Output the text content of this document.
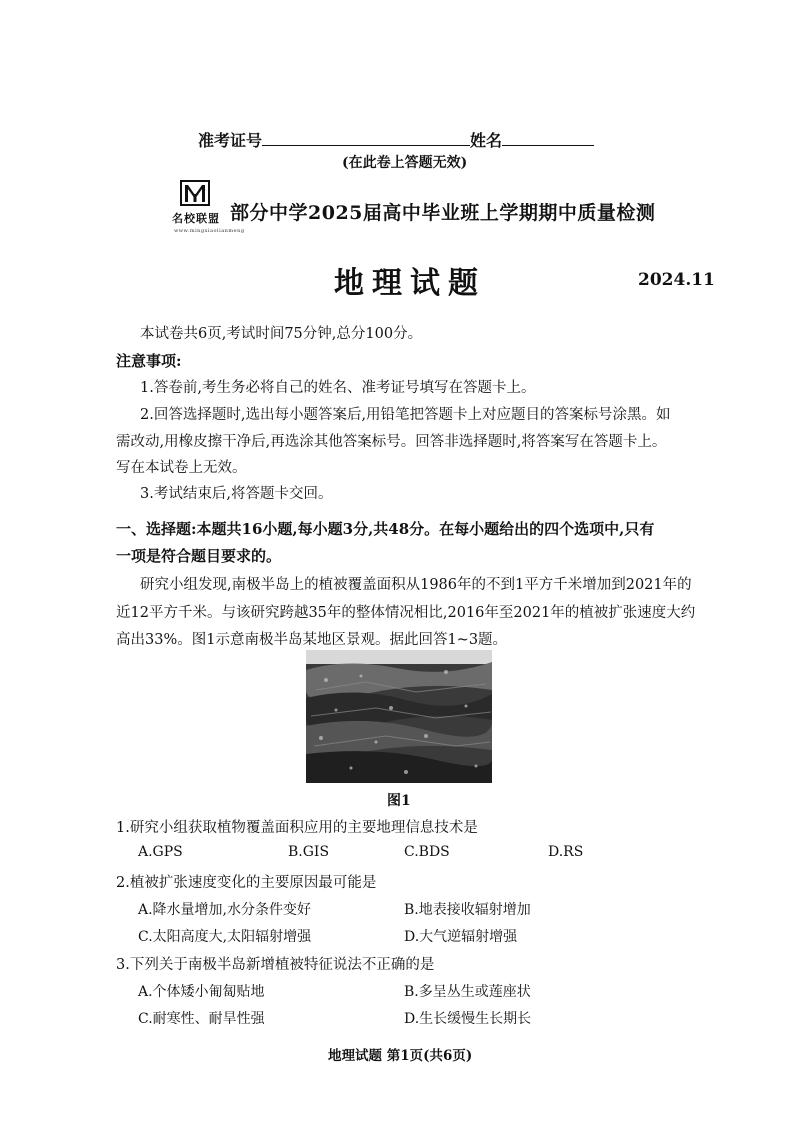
准考证号	姓名
(在此卷上答题无效)
名校联盟
www.mingxiaolianmeng
部分中学2025届高中毕业班上学期期中质量检测
地理试题	2024.11
本试卷共6页,考试时间75分钟,总分100分。
注意事项:
1.答卷前,考生务必将自己的姓名、准考证号填写在答题卡上。
2.回答选择题时,选出每小题答案后,用铅笔把答题卡上对应题目的答案标号涂黑。如
需改动,用橡皮擦干净后,再选涂其他答案标号。回答非选择题时,将答案写在答题卡上。
写在本试卷上无效。
3.考试结束后,将答题卡交回。
一、选择题:本题共16小题,每小题3分,共48分。在每小题给出的四个选项中,只有
一项是符合题目要求的。
研究小组发现,南极半岛上的植被覆盖面积从1986年的不到1平方千米增加到2021年的
近12平方千米。与该研究跨越35年的整体情况相比,2016年至2021年的植被扩张速度大约
高出33%。图1示意南极半岛某地区景观。据此回答1~3题。
图1
1.研究小组获取植物覆盖面积应用的主要地理信息技术是
A.GPS	B.GIS	C.BDS	D.RS
2.植被扩张速度变化的主要原因最可能是
A.降水量增加,水分条件变好	B.地表接收辐射增加
C.太阳高度大,太阳辐射增强	D.大气逆辐射增强
3.下列关于南极半岛新增植被特征说法不正确的是
A.个体矮小匍匐贴地	B.多呈丛生或莲座状
C.耐寒性、耐旱性强	D.生长缓慢生长期长
地理试题 第1页(共6页)
